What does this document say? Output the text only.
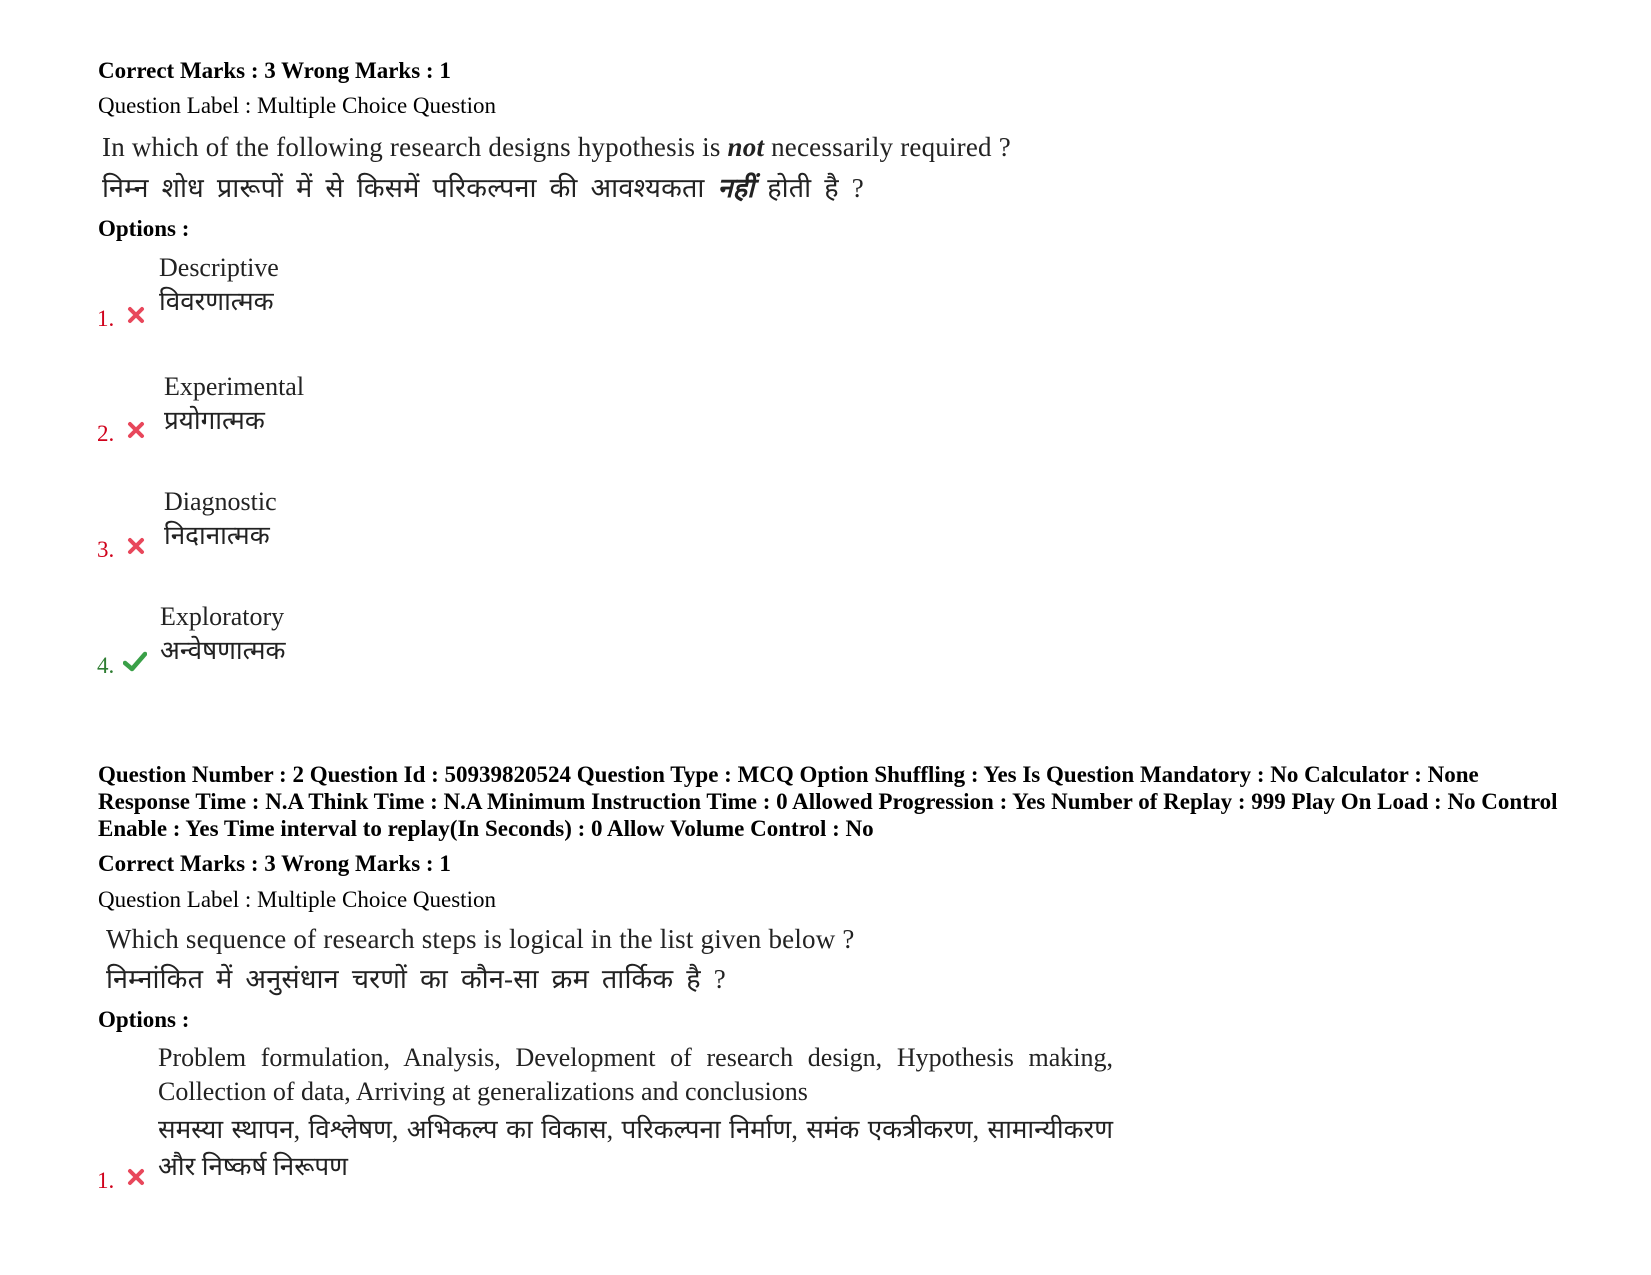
Correct Marks : 3 Wrong Marks : 1
Question Label : Multiple Choice Question
In which of the following research designs hypothesis is not necessarily required ?
निम्न शोध प्रारूपों में से किसमें परिकल्पना की आवश्यकता नहीं होती है ?
Options :
Descriptive
विवरणात्मक
1.
Experimental
प्रयोगात्मक
2.
Diagnostic
निदानात्मक
3.
Exploratory
अन्वेषणात्मक
4.
Question Number : 2 Question Id : 50939820524 Question Type : MCQ Option Shuffling : Yes Is Question Mandatory : No Calculator : None Response Time : N.A Think Time : N.A Minimum Instruction Time : 0 Allowed Progression : Yes Number of Replay : 999 Play On Load : No Control Enable : Yes Time interval to replay(In Seconds) : 0 Allow Volume Control : No
Correct Marks : 3 Wrong Marks : 1
Question Label : Multiple Choice Question
Which sequence of research steps is logical in the list given below ?
निम्नांकित में अनुसंधान चरणों का कौन-सा क्रम तार्किक है ?
Options :
Problem formulation, Analysis, Development of research design, Hypothesis making, Collection of data, Arriving at generalizations and conclusions
समस्या स्थापन, विश्लेषण, अभिकल्प का विकास, परिकल्पना निर्माण, समंक एकत्रीकरण, सामान्यीकरण और निष्कर्ष निरूपण
1.
